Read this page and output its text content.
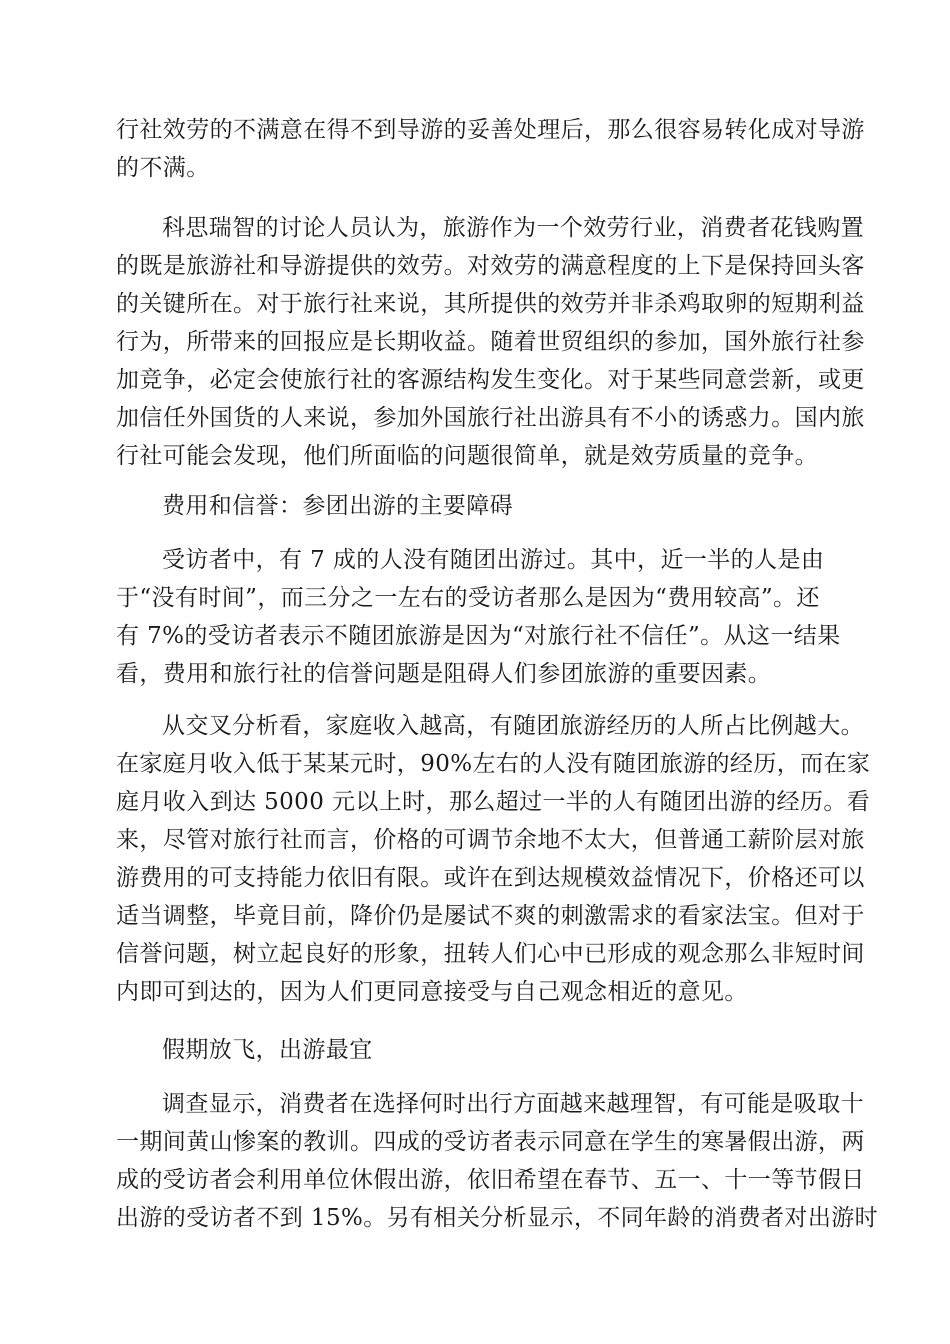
行社效劳的不满意在得不到导游的妥善处理后，那么很容易转化成对导游
的不满。
科思瑞智的讨论人员认为，旅游作为一个效劳行业，消费者花钱购置
的既是旅游社和导游提供的效劳。对效劳的满意程度的上下是保持回头客
的关键所在。对于旅行社来说，其所提供的效劳并非杀鸡取卵的短期利益
行为，所带来的回报应是长期收益。随着世贸组织的参加，国外旅行社参
加竞争，必定会使旅行社的客源结构发生变化。对于某些同意尝新，或更
加信任外国货的人来说，参加外国旅行社出游具有不小的诱惑力。国内旅
行社可能会发现，他们所面临的问题很简单，就是效劳质量的竞争。
费用和信誉：参团出游的主要障碍
受访者中，有 7 成的人没有随团出游过。其中，近一半的人是由
于“没有时间”，而三分之一左右的受访者那么是因为“费用较高”。还
有 7%的受访者表示不随团旅游是因为“对旅行社不信任”。从这一结果
看，费用和旅行社的信誉问题是阻碍人们参团旅游的重要因素。
从交叉分析看，家庭收入越高，有随团旅游经历的人所占比例越大。
在家庭月收入低于某某元时，90%左右的人没有随团旅游的经历，而在家
庭月收入到达 5000 元以上时，那么超过一半的人有随团出游的经历。看
来，尽管对旅行社而言，价格的可调节余地不太大，但普通工薪阶层对旅
游费用的可支持能力依旧有限。或许在到达规模效益情况下，价格还可以
适当调整，毕竟目前，降价仍是屡试不爽的刺激需求的看家法宝。但对于
信誉问题，树立起良好的形象，扭转人们心中已形成的观念那么非短时间
内即可到达的，因为人们更同意接受与自己观念相近的意见。
假期放飞，出游最宜
调查显示，消费者在选择何时出行方面越来越理智，有可能是吸取十
一期间黄山惨案的教训。四成的受访者表示同意在学生的寒暑假出游，两
成的受访者会利用单位休假出游，依旧希望在春节、五一、十一等节假日
出游的受访者不到 15%。另有相关分析显示，不同年龄的消费者对出游时
